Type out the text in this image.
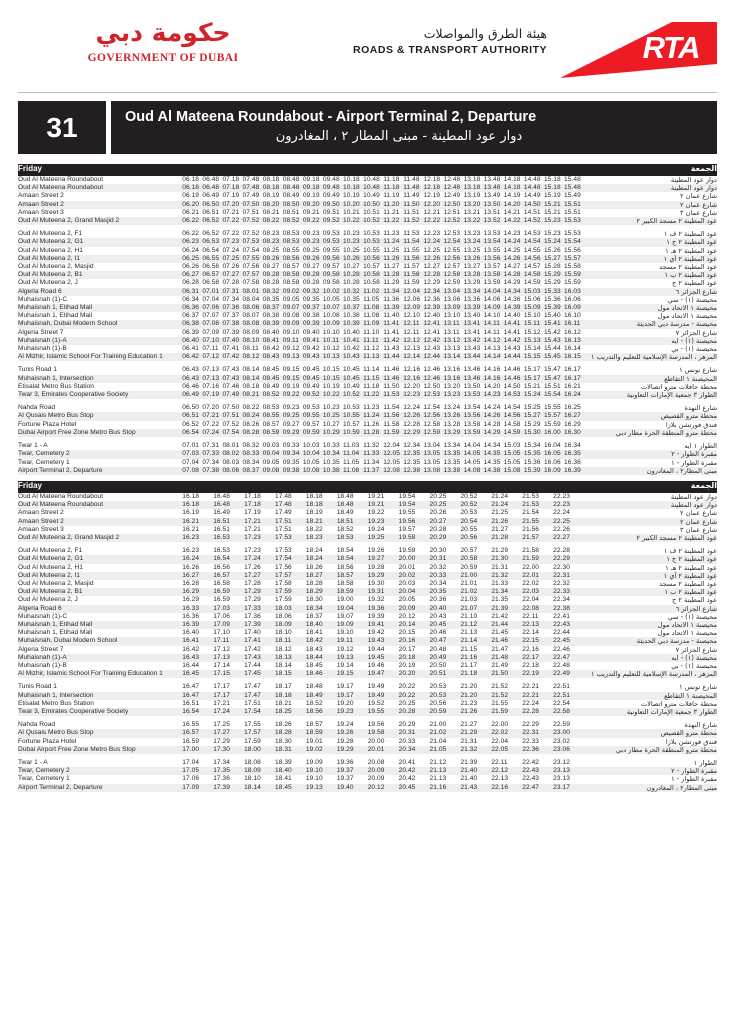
حكومة دبي
GOVERNMENT OF DUBAI
هيئة الطرق والمواصلات
ROADS & TRANSPORT AUTHORITY	RTA
31	Oud Al Mateena Roundabout - Airport Terminal 2, Departure
دوار عود المطينة - مبنى المطار ٢ ، المغادرون
Friday											الجمعة										
Oud Al Mateena Roundabout	06.18	06.48	07.18	07.48	08.18	08.48	09.18	09.48	10.18	10.48	11.18	11.48	12.18	12.48	13.18	13.48	14.18	14.48	15.18	15.48	دوار عود المطينة
Oud Al Mateena Roundabout	06.18	06.48	07.18	07.48	08.18	08.48	09.18	09.48	10.18	10.48	11.18	11.48	12.18	12.48	13.18	13.48	14.18	14.48	15.18	15.48	دوار عود المطينة
Amaan Street 2	06.19	06.49	07.19	07.49	08.19	08.49	09.19	09.49	10.19	10.49	11.19	11.49	12.19	12.49	13.19	13.49	14.19	14.49	15.19	15.49	شارع عمان ٢
Amaan Street 2	06.20	06.50	07.20	07.50	08.20	08.50	09.20	09.50	10.20	10.50	11.20	11.50	12.20	12.50	13.20	13.50	14.20	14.50	15.21	15.51	شارع عمان ٢
Amaan Street 3	06.21	06.51	07.21	07.51	08.21	08.51	09.21	09.51	10.21	10.51	11.21	11.51	12.21	12.51	13.21	13.51	14.21	14.51	15.21	15.51	شارع عمان ٣
Oud Al Muteena 2, Grand Masjid 2	06.22	06.52	07.22	07.52	08.22	08.52	09.22	09.52	10.22	10.52	11.22	11.52	12.22	12.52	13.22	13.52	14.22	14.52	15.23	15.53	عود المطينة ٢ مسجد الكبير ٢

Oud Al Muteena 2, F1	06.22	06.52	07.22	07.52	08.23	08.53	09.23	09.53	10.23	10.53	11.23	11.53	12.23	12.53	13.23	13.53	14.23	14.53	15.23	15.53	عود المطينة ٢ ف ١
Oud Al Muteena 2, G1	06.23	06.53	07.23	07.53	08.23	08.53	09.23	09.53	10.23	10.53	11.24	11.54	12.24	12.54	13.24	13.54	14.24	14.54	15.24	15.54	عود المطينة ٢ ج ١
Oud Al Muteena 2, H1	06.24	06.54	07.24	07.54	08.25	08.55	09.25	09.55	10.25	10.55	11.25	11.55	12.25	12.55	13.25	13.55	14.25	14.55	15.26	15.56	عود المطينة ٢ هـ ١
Oud Al Muteena 2, I1	06.25	06.55	07.25	07.55	08.26	08.56	09.26	09.56	10.26	10.56	11.26	11.56	12.26	12.56	13.26	13.56	14.26	14.56	15.27	15.57	عود المطينة ٢ آي ١
Oud Al Muteena 2, Masjid	06.26	06.56	07.26	07.56	08.27	08.57	09.27	09.57	10.27	10.57	11.27	11.57	12.27	12.57	13.27	13.57	14.27	14.57	15.28	15.58	عود المطينة ٢ مسجد
Oud Al Muteena 2, B1	06.27	06.57	07.27	07.57	08.28	08.58	09.28	09.58	10.28	10.58	11.28	11.58	12.28	12.58	13.28	13.58	14.28	14.58	15.29	15.59	عود المطينة ٢ ب ١
Oud Al Muteena 2, J	06.28	06.58	07.28	07.58	08.28	08.58	09.28	09.58	10.28	10.58	11.29	11.59	12.29	12.59	13.29	13.59	14.29	14.59	15.29	15.59	عود المطينة ٢ ج
Algeria Road 6	06.31	07.01	07.31	08.01	08.32	09.02	09.32	10.02	10.32	11.02	11.34	12.04	12.34	13.04	13.34	14.04	14.34	15.03	15.33	16.03	شارع الجزائر ٦
Muhaisnah (1)-C	06.34	07.04	07.34	08.04	08.35	09.05	09.35	10.05	10.35	11.05	11.36	12.06	12.36	13.06	13.36	14.06	14.36	15.06	15.36	16.06	محيصنة (١) - سي
Muhaisnah 1, Etihad Mall	06.36	07.06	07.36	08.06	08.37	09.07	09.37	10.07	10.37	11.08	11.39	12.09	12.39	13.09	13.39	14.09	14.39	15.09	15.39	16.09	محيصنة ١ الاتحاد مول
Muhaisnah 1, Etihad Mall	06.37	07.07	07.37	08.07	08.38	09.08	09.38	10.08	10.38	11.08	11.40	12.10	12.40	13.10	13.40	14.10	14.40	15.10	15.40	16.10	محيصنة ١ الاتحاد مول
Muhaisnah, Dubai Modern School	06.38	07.08	07.38	08.08	08.39	09.09	09.39	10.09	10.39	11.09	11.41	12.11	12.41	13.11	13.41	14.11	14.41	15.11	15.41	16.11	محيصنة - مدرسة دبي الحديثة
Algeria Street 7	06.39	07.09	07.39	08.09	08.40	09.10	09.40	10.10	10.40	11.10	11.41	12.11	12.41	13.11	13.41	14.11	14.41	15.12	15.42	16.12	شارع الجزائر ٧
Muhaisnah (1)-A	06.40	07.10	07.40	08.10	08.41	09.11	09.41	10.11	10.41	11.11	11.42	12.12	12.42	13.12	13.42	14.12	14.42	15.13	15.43	16.13	محيصنة (١) - ايه
Muhaisnah (1)-B	06.41	07.11	07.41	08.11	08.42	09.12	09.42	10.12	10.42	11.12	11.43	12.13	12.43	13.13	13.43	14.13	14.43	15.14	15.44	16.14	محيصنة (١) - بي
Al Mizhir, Islamic School For Training Education 1	06.42	07.12	07.42	08.12	08.43	09.13	09.43	10.13	10.43	11.13	11.44	12.14	12.44	13.14	13.44	14.14	14.44	15.15	15.45	16.15	المزهر ، المدرسة الإسلامية للتعليم والتدريب ١

Tunis Road 1	06.43	07.13	07.43	08.14	08.45	09.15	09.45	10.15	10.45	11.14	11.46	12.16	12.46	13.16	13.46	14.16	14.46	15.17	15.47	16.17	شارع تونس ١
Muhaisnah 1, Intersection	06.43	07.13	07.43	08.14	08.45	09.15	09.45	10.15	10.45	11.15	11.46	12.16	12.46	13.16	13.46	14.16	14.46	15.17	15.47	16.17	المحيصنة ١ التقاطع
Etisalat Metro Bus Station	06.46	07.16	07.46	08.18	08.49	09.19	09.49	10.19	10.49	11.18	11.50	12.20	12.50	13.20	13.50	14.20	14.50	15.21	15.51	16.21	محطة حافلات مترو اتصالات
Twar 3, Emirates Cooperative Society	06.49	07.19	07.49	08.21	08.52	09.22	09.52	10.22	10.52	11.22	11.53	12.23	12.53	13.23	13.53	14.23	14.53	15.24	15.54	16.24	الطوار ٣ جمعية الإمارات التعاونية

Nahda Road	06.50	07.20	07.50	08.22	08.53	09.23	09.53	10.23	10.53	11.23	11.54	12.24	12.54	13.24	13.54	14.24	14.54	15.25	15.55	16.25	شارع النهدة
Al Qusais Metro Bus Stop	06.51	07.21	07.51	08.24	08.55	09.25	09.55	10.25	10.55	11.24	11.56	12.26	12.56	13.26	13.56	14.26	14.56	15.27	15.57	16.27	محطة مترو القصيص
Fortune Plaza Hotel	06.52	07.22	07.52	08.26	08.57	09.27	09.57	10.27	10.57	11.26	11.58	12.28	12.58	13.28	13.58	14.28	14.58	15.29	15.59	16.29	فندق فورتشن بلازا
Dubai Airport Free Zone Metro Bus Stop	06.54	07.24	07.54	08.28	08.59	09.29	09.59	10.29	10.59	11.28	11.59	12.29	12.59	13.29	13.59	14.29	14.59	15.30	16.00	16.30	محطة مترو المنطقة الحرة مطار دبي

Twar 1 - A	07.01	07.31	08.01	08.32	09.03	09.33	10.03	10.33	11.03	11.32	12.04	12.34	13.04	13.34	14.04	14.34	15.03	15.34	16.04	16.34	الطوار ١ ايه
Twar, Cemetery 2	07.03	07.33	08.02	08.33	09.04	09.34	10.04	10.34	11.04	11.33	12.05	12.35	13.05	13.35	14.05	14.35	15.05	15.35	16.05	16.35	مقبرة الطوار - ٢
Twar, Cemetery 1	07.04	07.34	08.03	08.34	09.05	09.35	10.05	10.35	11.05	11.34	12.05	12.35	13.05	13.35	14.05	14.35	15.05	15.36	16.06	16.36	مقبرة الطوار - ١
Airport Terminal 2, Departure	07.08	07.38	08.06	08.37	09.08	09.38	10.08	10.38	11.08	11.37	12.08	12.38	13.08	13.38	14.08	14.38	15.08	15.39	16.09	16.39	مبنى المطار٢ ، المغادرون
Friday								الجمعة						
Oud Al Mateena Roundabout	16.18	16.48	17.18	17.48	18.18	18.48	19.21	19.54	20.25	20.52	21.24	21.53	22.23	دوار عود المطينة
Oud Al Mateena Roundabout	16.18	16.48	17.18	17.48	18.18	18.48	19.21	19.54	20.25	20.52	21.24	21.53	22.23	دوار عود المطينة
Amaan Street 2	16.19	16.49	17.19	17.49	18.19	18.49	19.22	19.55	20.26	20.53	21.25	21.54	22.24	شارع عمان ٢
Amaan Street 2	16.21	16.51	17.21	17.51	18.21	18.51	19.23	19.56	20.27	20.54	21.26	21.55	22.25	شارع عمان ٢
Amaan Street 3	16.21	16.51	17.21	17.51	18.22	18.52	19.24	19.57	20.28	20.55	21.27	21.56	22.26	شارع عمان ٣
Oud Al Muteena 2, Grand Masjid 2	16.23	16.53	17.23	17.53	18.23	18.53	19.25	19.58	20.29	20.56	21.28	21.57	22.27	عود المطينة ٢ مسجد الكبير ٢

Oud Al Muteena 2, F1	16.23	16.53	17.23	17.53	18.24	18.54	19.26	19.59	20.30	20.57	21.29	21.58	22.28	عود المطينة ٢ ف ١
Oud Al Muteena 2, G1	16.24	16.54	17.24	17.54	18.24	18.54	19.27	20.00	20.31	20.58	21.30	21.59	22.29	عود المطينة ٢ ج ١
Oud Al Muteena 2, H1	16.26	16.56	17.26	17.56	18.26	18.56	19.28	20.01	20.32	20.59	21.31	22.00	22.30	عود المطينة ٢ هـ ١
Oud Al Muteena 2, I1	16.27	16.57	17.27	17.57	18.27	18.57	19.29	20.02	20.33	21.00	21.32	22.01	22.31	عود المطينة ٢ آي ١
Oud Al Muteena 2, Masjid	16.28	16.58	17.28	17.58	18.28	18.58	19.30	20.03	20.34	21.01	21.33	22.02	22.32	عود المطينة ٢ مسجد
Oud Al Muteena 2, B1	16.29	16.59	17.29	17.59	18.29	18.59	19.31	20.04	20.35	21.02	21.34	22.03	22.33	عود المطينة ٢ ب ١
Oud Al Muteena 2, J	16.29	16.59	17.29	17.59	18.30	19.00	19.32	20.05	20.36	21.03	21.35	22.04	22.34	عود المطينة ٢ ج
Algeria Road 6	16.33	17.03	17.33	18.03	18.34	19.04	19.36	20.09	20.40	21.07	21.39	22.08	22.38	شارع الجزائر ٦
Muhaisnah (1)-C	16.36	17.06	17.36	18.06	18.37	19.07	19.39	20.12	20.43	21.10	21.42	22.11	22.41	محيصنة (١) - سي
Muhaisnah 1, Etihad Mall	16.39	17.09	17.39	18.09	18.40	19.09	19.41	20.14	20.45	21.12	21.44	22.13	22.43	محيصنة ١ الاتحاد مول
Muhaisnah 1, Etihad Mall	16.40	17.10	17.40	18.10	18.41	19.10	19.42	20.15	20.46	21.13	21.45	22.14	22.44	محيصنة ١ الاتحاد مول
Muhaisnah, Dubai Modern School	16.41	17.11	17.41	18.11	18.42	19.11	19.43	20.16	20.47	21.14	21.46	22.15	22.45	محيصنة - مدرسة دبي الحديثة
Algeria Street 7	16.42	17.12	17.42	18.12	18.43	19.12	19.44	20.17	20.48	21.15	21.47	22.16	22.46	شارع الجزائر ٧
Muhaisnah (1)-A	16.43	17.13	17.43	18.13	18.44	19.13	19.45	20.18	20.49	21.16	21.48	22.17	22.47	محيصنة (١) - ايه
Muhaisnah (1)-B	16.44	17.14	17.44	18.14	18.45	19.14	19.46	20.19	20.50	21.17	21.49	22.18	22.48	محيصنة (١) - بي
Al Mizhir, Islamic School For Training Education 1	16.45	17.15	17.45	18.15	18.46	19.15	19.47	20.20	20.51	21.18	21.50	22.19	22.49	المزهر ، المدرسة الإسلامية للتعليم والتدريب ١

Tunis Road 1	16.47	17.17	17.47	18.17	18.48	19.17	19.49	20.22	20.53	21.20	21.52	22.21	22.51	شارع تونس ١
Muhaisnah 1, Intersection	16.47	17.17	17.47	18.18	18.49	19.17	19.49	20.22	20.53	21.20	21.52	22.21	22.51	المحيصنة ١ التقاطع
Etisalat Metro Bus Station	16.51	17.21	17.51	18.21	18.52	19.20	19.52	20.25	20.56	21.23	21.55	22.24	22.54	محطة حافلات مترو اتصالات
Twar 3, Emirates Cooperative Society	16.54	17.24	17.54	18.25	18.56	19.23	19.55	20.28	20.59	21.26	21.59	22.28	22.58	الطوار ٣ جمعية الإمارات التعاونية

Nahda Road	16.55	17.25	17.55	18.26	18.57	19.24	19.56	20.29	21.00	21.27	22.00	22.29	22.59	شارع النهدة
Al Qusais Metro Bus Stop	16.57	17.27	17.57	18.28	18.59	19.26	19.58	20.31	21.02	21.29	22.02	22.31	23.00	محطة مترو القصيص
Fortune Plaza Hotel	16.59	17.29	17.59	18.30	19.01	19.28	20.00	20.33	21.04	21.31	22.04	22.33	23.02	فندق فورتشن بلازا
Dubai Airport Free Zone Metro Bus Stop	17.00	17.30	18.00	18.31	19.02	19.29	20.01	20.34	21.05	21.32	22.05	22.36	23.06	محطة مترو المنطقة الحرة مطار دبي

Twar 1 - A	17.04	17.34	18.08	18.39	19.09	19.36	20.08	20.41	21.12	21.39	22.11	22.42	23.12	الطوار ١
Twar, Cemetery 2	17.05	17.35	18.09	18.40	19.10	19.37	20.09	20.42	21.13	21.40	22.12	22.43	23.13	مقبرة الطوار - ٢
Twar, Cemetery 1	17.06	17.36	18.10	18.41	19.10	19.37	20.09	20.42	21.13	21.40	22.13	22.43	23.13	مقبرة الطوار - ١
Airport Terminal 2, Departure	17.09	17.39	18.14	18.45	19.13	19.40	20.12	20.45	21.16	21.43	22.16	22.47	23.17	مبنى المطار٢ ، المغادرون
